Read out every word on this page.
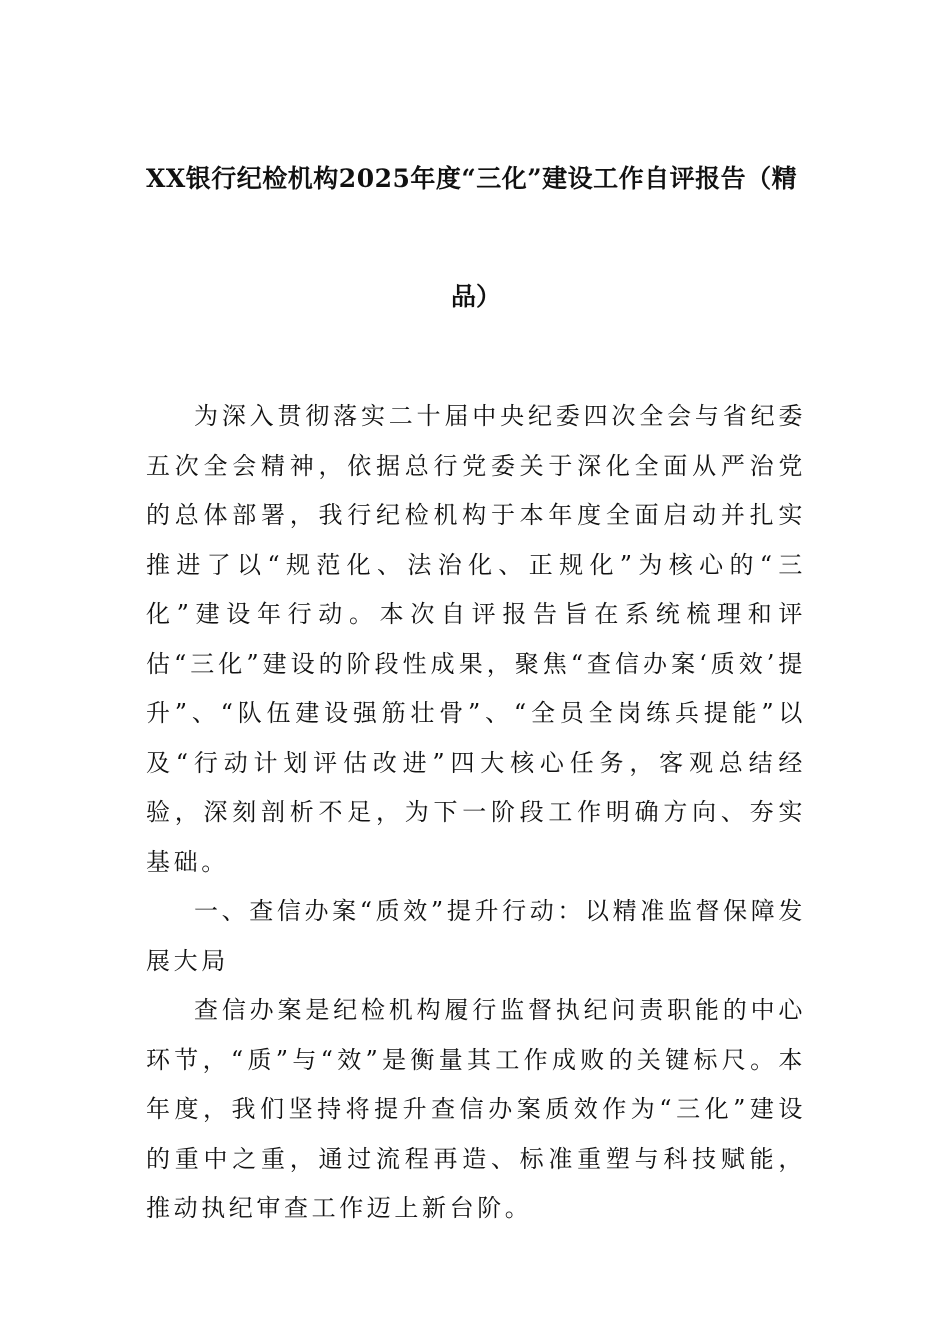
XX银行纪检机构2025年度“三化”建设工作自评报告（精
品）

为深入贯彻落实二十届中央纪委四次全会与省纪委五次全会精神，依据总行党委关于深化全面从严治党的总体部署，我行纪检机构于本年度全面启动并扎实推进了以“规范化、法治化、正规化”为核心的“三化”建设年行动。本次自评报告旨在系统梳理和评估“三化”建设的阶段性成果，聚焦“查信办案‘质效’提升”、“队伍建设强筋壮骨”、“全员全岗练兵提能”以及“行动计划评估改进”四大核心任务，客观总结经验，深刻剖析不足，为下一阶段工作明确方向、夯实基础。

一、查信办案“质效”提升行动：以精准监督保障发展大局

查信办案是纪检机构履行监督执纪问责职能的中心环节，“质”与“效”是衡量其工作成败的关键标尺。本年度，我们坚持将提升查信办案质效作为“三化”建设的重中之重，通过流程再造、标准重塑与科技赋能，推动执纪审查工作迈上新台阶。
